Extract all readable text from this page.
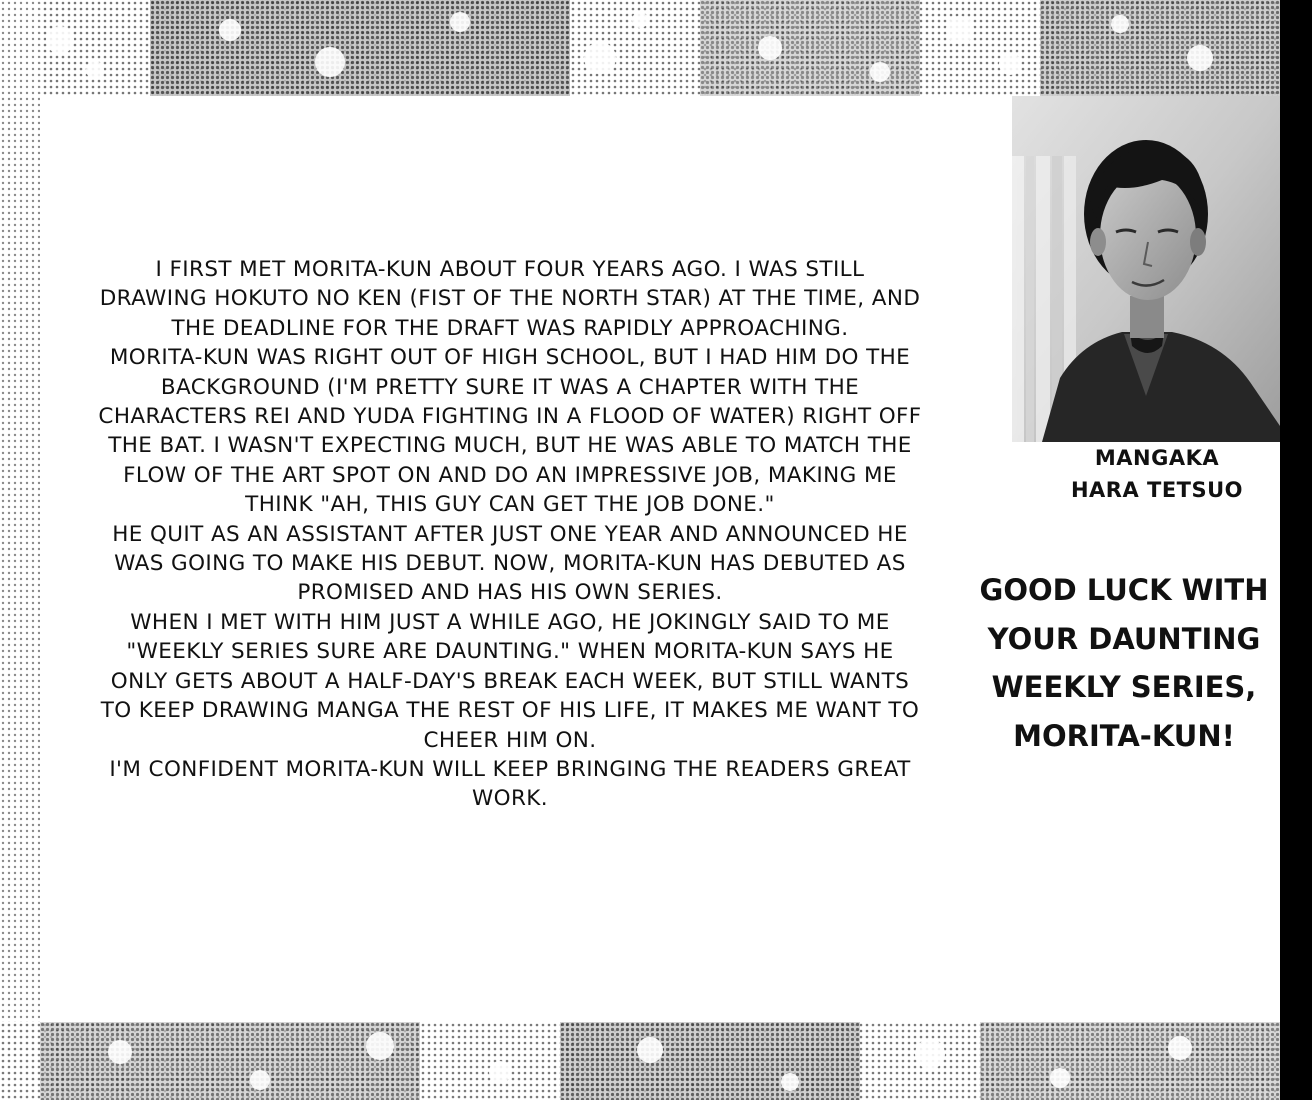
I FIRST MET MORITA-KUN ABOUT FOUR YEARS AGO. I WAS STILL
DRAWING HOKUTO NO KEN (FIST OF THE NORTH STAR) AT THE TIME, AND
THE DEADLINE FOR THE DRAFT WAS RAPIDLY APPROACHING.
MORITA-KUN WAS RIGHT OUT OF HIGH SCHOOL, BUT I HAD HIM DO THE
BACKGROUND (I'M PRETTY SURE IT WAS A CHAPTER WITH THE
CHARACTERS REI AND YUDA FIGHTING IN A FLOOD OF WATER) RIGHT OFF
THE BAT. I WASN'T EXPECTING MUCH, BUT HE WAS ABLE TO MATCH THE
FLOW OF THE ART SPOT ON AND DO AN IMPRESSIVE JOB, MAKING ME
THINK "AH, THIS GUY CAN GET THE JOB DONE."
HE QUIT AS AN ASSISTANT AFTER JUST ONE YEAR AND ANNOUNCED HE
WAS GOING TO MAKE HIS DEBUT. NOW, MORITA-KUN HAS DEBUTED AS
PROMISED AND HAS HIS OWN SERIES.
WHEN I MET WITH HIM JUST A WHILE AGO, HE JOKINGLY SAID TO ME
"WEEKLY SERIES SURE ARE DAUNTING." WHEN MORITA-KUN SAYS HE
ONLY GETS ABOUT A HALF-DAY'S BREAK EACH WEEK, BUT STILL WANTS
TO KEEP DRAWING MANGA THE REST OF HIS LIFE, IT MAKES ME WANT TO
CHEER HIM ON.
I'M CONFIDENT MORITA-KUN WILL KEEP BRINGING THE READERS GREAT
WORK.

MANGAKA
HARA TETSUO
GOOD LUCK WITH
YOUR DAUNTING
WEEKLY SERIES,
MORITA-KUN!
